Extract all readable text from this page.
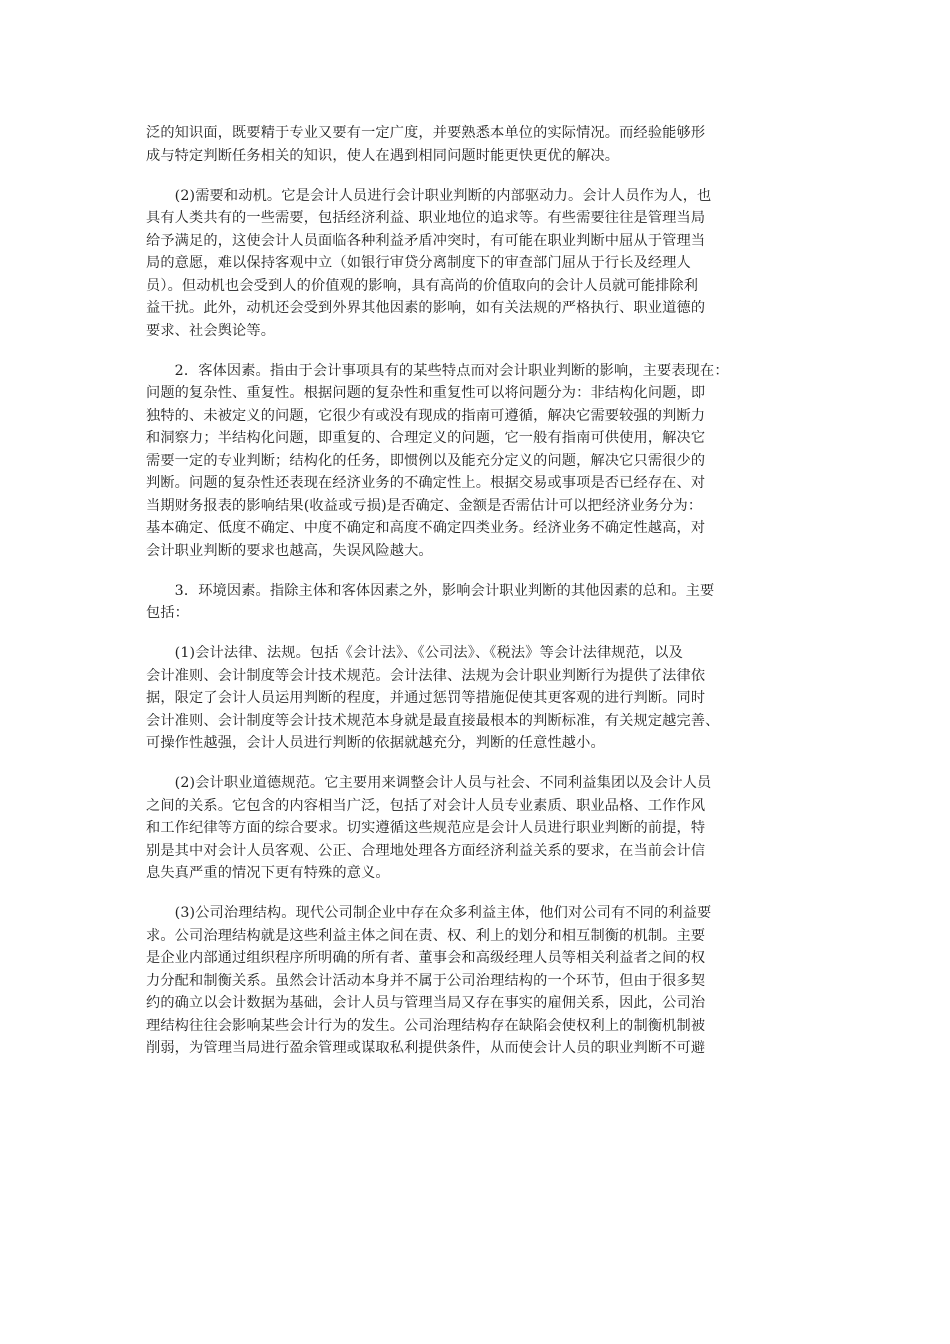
泛的知识面，既要精于专业又要有一定广度，并要熟悉本单位的实际情况。而经验能够形
成与特定判断任务相关的知识，使人在遇到相同问题时能更快更优的解决。
　　(2)需要和动机。它是会计人员进行会计职业判断的内部驱动力。会计人员作为人，也
具有人类共有的一些需要，包括经济利益、职业地位的追求等。有些需要往往是管理当局
给予满足的，这使会计人员面临各种利益矛盾冲突时，有可能在职业判断中屈从于管理当
局的意愿，难以保持客观中立（如银行审贷分离制度下的审查部门屈从于行长及经理人
员）。但动机也会受到人的价值观的影响，具有高尚的价值取向的会计人员就可能排除利
益干扰。此外，动机还会受到外界其他因素的影响，如有关法规的严格执行、职业道德的
要求、社会舆论等。
　　2．客体因素。指由于会计事项具有的某些特点而对会计职业判断的影响，主要表现在：
问题的复杂性、重复性。根据问题的复杂性和重复性可以将问题分为：非结构化问题，即
独特的、未被定义的问题，它很少有或没有现成的指南可遵循，解决它需要较强的判断力
和洞察力；半结构化问题，即重复的、合理定义的问题，它一般有指南可供使用，解决它
需要一定的专业判断；结构化的任务，即惯例以及能充分定义的问题，解决它只需很少的
判断。问题的复杂性还表现在经济业务的不确定性上。根据交易或事项是否已经存在、对
当期财务报表的影响结果(收益或亏损)是否确定、金额是否需估计可以把经济业务分为：
基本确定、低度不确定、中度不确定和高度不确定四类业务。经济业务不确定性越高，对
会计职业判断的要求也越高，失误风险越大。
　　3．环境因素。指除主体和客体因素之外，影响会计职业判断的其他因素的总和。主要
包括：
　　(1)会计法律、法规。包括《会计法》、《公司法》、《税法》等会计法律规范，以及
会计准则、会计制度等会计技术规范。会计法律、法规为会计职业判断行为提供了法律依
据，限定了会计人员运用判断的程度，并通过惩罚等措施促使其更客观的进行判断。同时
会计准则、会计制度等会计技术规范本身就是最直接最根本的判断标准，有关规定越完善、
可操作性越强，会计人员进行判断的依据就越充分，判断的任意性越小。
　　(2)会计职业道德规范。它主要用来调整会计人员与社会、不同利益集团以及会计人员
之间的关系。它包含的内容相当广泛，包括了对会计人员专业素质、职业品格、工作作风
和工作纪律等方面的综合要求。切实遵循这些规范应是会计人员进行职业判断的前提，特
别是其中对会计人员客观、公正、合理地处理各方面经济利益关系的要求，在当前会计信
息失真严重的情况下更有特殊的意义。
　　(3)公司治理结构。现代公司制企业中存在众多利益主体，他们对公司有不同的利益要
求。公司治理结构就是这些利益主体之间在责、权、利上的划分和相互制衡的机制。主要
是企业内部通过组织程序所明确的所有者、董事会和高级经理人员等相关利益者之间的权
力分配和制衡关系。虽然会计活动本身并不属于公司治理结构的一个环节，但由于很多契
约的确立以会计数据为基础，会计人员与管理当局又存在事实的雇佣关系，因此，公司治
理结构往往会影响某些会计行为的发生。公司治理结构存在缺陷会使权利上的制衡机制被
削弱，为管理当局进行盈余管理或谋取私利提供条件，从而使会计人员的职业判断不可避
